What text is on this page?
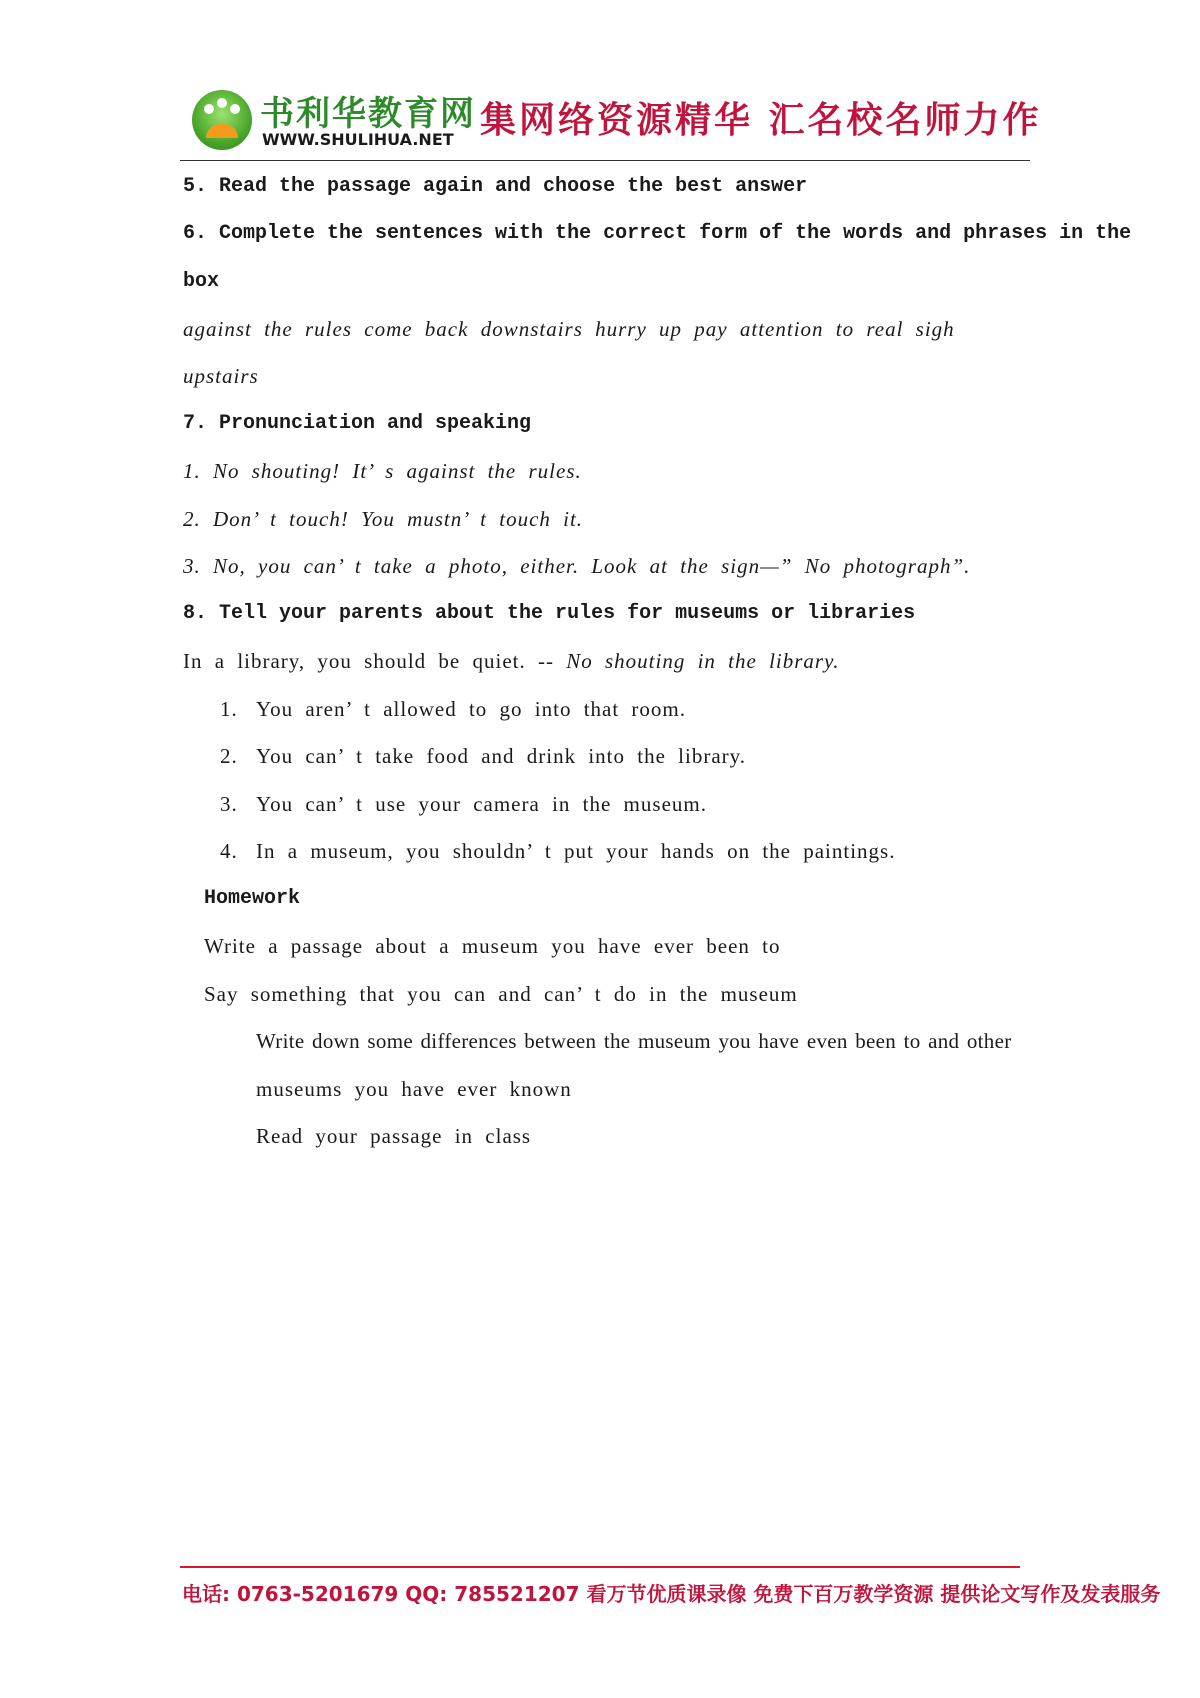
书利华教育网
WWW.SHULIHUA.NET 集网络资源精华 汇名校名师力作
5. Read the passage again and choose the best answer
6. Complete the sentences with the correct form of the words and phrases in the
box
against the rules come back downstairs hurry up pay attention to real sigh
upstairs
7. Pronunciation and speaking
1. No shouting! It’ s against the rules.
2. Don’ t touch! You mustn’ t touch it.
3. No, you can’ t take a photo, either. Look at the sign—” No photograph”.
8. Tell your parents about the rules for museums or libraries
In a library, you should be quiet. -- No shouting in the library.
1. You aren’ t allowed to go into that room.
2. You can’ t take food and drink into the library.
3. You can’ t use your camera in the museum.
4. In a museum, you shouldn’ t put your hands on the paintings.
Homework
Write a passage about a museum you have ever been to
Say something that you can and can’ t do in the museum
Write down some differences between the museum you have even been to and other
museums you have ever known
Read your passage in class
电话: 0763-5201679 QQ: 785521207 看万节优质课录像 免费下百万教学资源 提供论文写作及发表服务
